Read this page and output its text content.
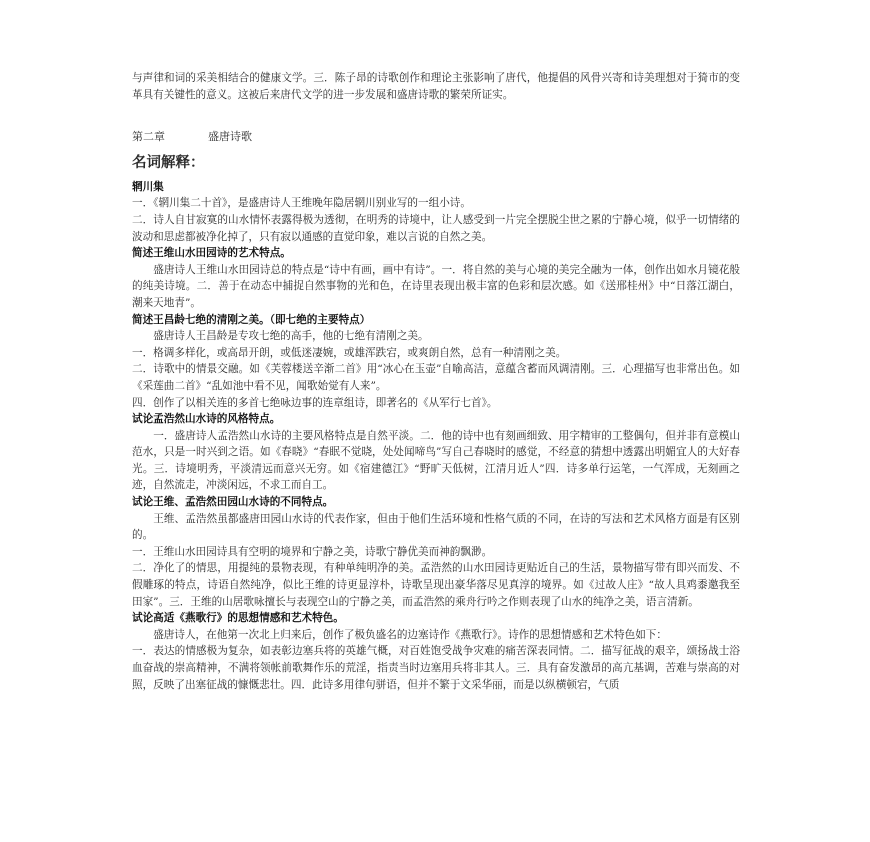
与声律和词的采美相结合的健康文学。三．陈子昂的诗歌创作和理论主张影响了唐代，他提倡的风骨兴寄和诗美理想对于猗市的变革具有关键性的意义。这被后来唐代文学的进一步发展和盛唐诗歌的繁荣所证实。

第二章	盛唐诗歌
名词解释：
辋川集

一．《辋川集二十首》，是盛唐诗人王维晚年隐居辋川别业写的一组小诗。

二．诗人自甘寂寞的山水情怀表露得极为透彻，在明秀的诗境中，让人感受到一片完全摆脱尘世之累的宁静心境，似乎一切情绪的波动和思虑都被净化掉了，只有寂以通感的直觉印象，难以言说的自然之美。

简述王维山水田园诗的艺术特点。

盛唐诗人王维山水田园诗总的特点是“诗中有画，画中有诗”。一．将自然的美与心境的美完全融为一体，创作出如水月镜花般的纯美诗境。二．善于在动态中捕捉自然事物的光和色，在诗里表现出极丰富的色彩和层次感。如《送邢桂州》中“日落江湖白，潮来天地青”。

简述王昌龄七绝的清刚之美。（即七绝的主要特点）

盛唐诗人王昌龄是专攻七绝的高手，他的七绝有清刚之美。

一．格调多样化，或高昂开朗，或低迷凄婉，或雄浑跌宕，或爽朗自然，总有一种清刚之美。

二．诗歌中的情景交融。如《芙蓉楼送辛渐二首》用“冰心在玉壶”自喻高洁，意蕴含蓄而风调清刚。三．心理描写也非常出色。如《采莲曲二首》“乱如池中看不见，闻歌始觉有人来”。

四．创作了以相关连的多首七绝咏边事的连章组诗，即著名的《从军行七首》。

试论孟浩然山水诗的风格特点。

一．盛唐诗人孟浩然山水诗的主要风格特点是自然平淡。二．他的诗中也有刻画细致、用字精审的工整偶句，但并非有意模山范水，只是一时兴到之语。如《春晓》“春眠不觉晓，处处闻啼鸟”写自己春晓时的感觉，不经意的猜想中透露出明媚宜人的大好春光。三．诗境明秀，平淡清远而意兴无穷。如《宿建德江》“野旷天低树，江清月近人”四．诗多单行运笔，一气浑成，无刻画之迹，自然流走，冲淡闲远，不求工而自工。

试论王维、孟浩然田园山水诗的不同特点。

王维、孟浩然虽都盛唐田园山水诗的代表作家，但由于他们生活环境和性格气质的不同，在诗的写法和艺术风格方面是有区别的。

一．王维山水田园诗具有空明的境界和宁静之美，诗歌宁静优美而神韵飘渺。

二．净化了的情思，用提纯的景物表现，有种单纯明净的美。孟浩然的山水田园诗更贴近自己的生活，景物描写带有即兴而发、不假雕琢的特点，诗语自然纯净，似比王维的诗更显淳朴，诗歌呈现出豪华落尽见真淳的境界。如《过故人庄》“故人具鸡黍邀我至田家”。三．王维的山居歌咏擅长与表现空山的宁静之美，而孟浩然的乘舟行吟之作则表现了山水的纯净之美，语言清新。

试论高适《燕歌行》的思想情感和艺术特色。

盛唐诗人，在他第一次北上归来后，创作了极负盛名的边塞诗作《燕歌行》。诗作的思想情感和艺术特色如下：

一．表达的情感极为复杂，如表彰边塞兵将的英雄气概，对百姓饱受战争灾难的痛苦深表同情。二．描写征战的艰辛，颂扬战士浴血奋战的崇高精神，不满将领帐前歌舞作乐的荒淫，指责当时边塞用兵将非其人。三．具有奋发激昂的高亢基调，苦难与崇高的对照，反映了出塞征战的慷慨悲壮。四．此诗多用律句骈语，但并不繁于文采华丽，而是以纵横顿宕，气质
